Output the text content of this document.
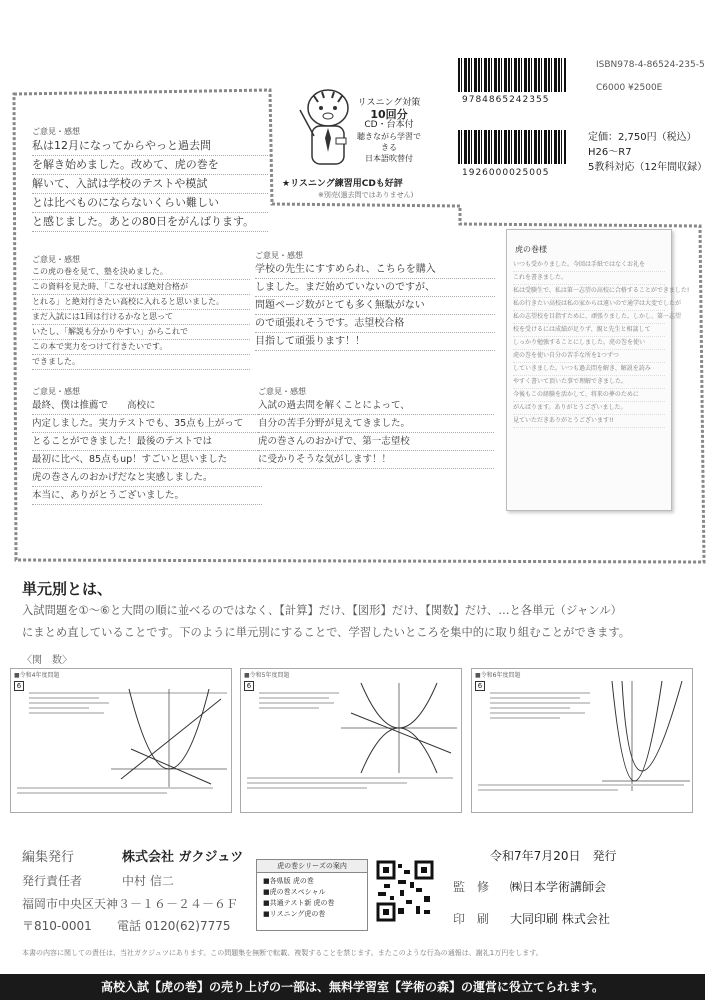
9784865242355
1926000025005
ISBN978-4-86524-235-5
C6000 ¥2500E
定価：2,750円（税込）
H26～R7
5教科対応（12年間収録）
リスニング対策
10回分
CD・台本付
聴きながら学習できる
日本語吹替付
★リスニング練習用CDも好評
※別売(過去問ではありません)
ご意見・感想
私は12月になってからやっと過去問
を解き始めました。改めて、虎の巻を
解いて、入試は学校のテストや模試
とは比べものにならないくらい難しい
と感じました。あとの80日をがんばります。
ご意見・感想
この虎の巻を見て、塾を決めました。
この資料を見た時、「こなせれば絶対合格が
とれる」と絶対行きたい高校に入れると思いました。
まだ入試には1回は行けるかなと思って
いたし、「解説も分かりやすい」からこれで
この本で実力をつけて行きたいです。
できました。
ご意見・感想
学校の先生にすすめられ、こちらを購入
しました。まだ始めていないのですが、
問題ページ数がとても多く無駄がない
ので頑張れそうです。志望校合格
目指して頑張ります！！
ご意見・感想
最終、僕は推薦で　　高校に
内定しました。実力テストでも、35点も上がって
とることができました！最後のテストでは
最初に比べ、85点もup！すごいと思いました
虎の巻さんのおかげだなと実感しました。
本当に、ありがとうございました。
ご意見・感想
入試の過去問を解くことによって、
自分の苦手分野が見えてきました。
虎の巻さんのおかげで、第一志望校
に受かりそうな気がします！！
虎の巻様
いつも受かりました。今回は手紙ではなくお礼を
これを書きました。
私は受験生で、私は第一志望の高校に合格することができました!
私の行きたい高校は私の家からは遠いので通学は大変でしたが
私の志望校を目指すために、頑張りました。しかし、第一志望
校を受けるには成績が足りず、親と先生と相談して
しっかり勉強することにしました。虎の巻を使い
虎の巻を使い自分の苦手な所を1つずつ
していきました。いつも過去問を解き、解説を読み
やすく書いて頂いた事で理解できました。
今後もこの経験を活かして、将来の夢のために
がんばります。ありがとうございました。
見ていただきありがとうございます!!
単元別とは、
入試問題を①～⑥と大問の順に並べるのではなく、【計算】だけ、【図形】だけ、【関数】だけ、…と各単元（ジャンル）
にまとめ直していることです。下のように単元別にすることで、学習したいところを集中的に取り組むことができます。
〈関　数〉
■令和4年度問題
6
■令和5年度問題
6
■令和6年度問題
6
編集発行	株式会社 ガクジュツ
発行責任者	中村 信二
福岡市中央区天神３－１６－２４－６Ｆ
〒810-0001 電話 0120(62)7775
虎の巻シリーズの案内
■各県版 虎の巻
■虎の巻スペシャル
■共通テスト新 虎の巻
■リスニング虎の巻
令和7年7月20日　発行
監　修 ㈱日本学術講師会
印　刷 大同印刷 株式会社
本書の内容に関しての責任は、当社ガクジュツにあります。この問題集を無断で転載、複製することを禁じます。またこのような行為の通報は、謝礼1万円をします。
高校入試【虎の巻】の売り上げの一部は、無料学習室【学術の森】の運営に役立てられます。
